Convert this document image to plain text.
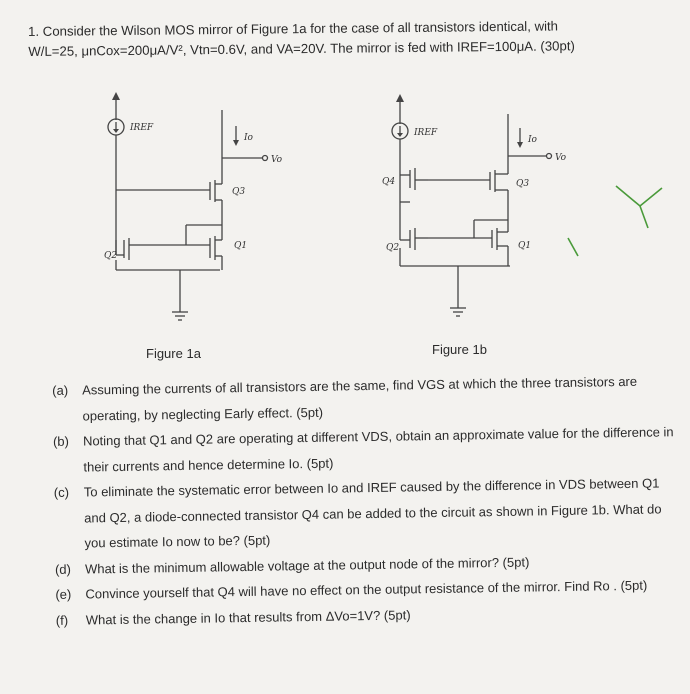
1. Consider the Wilson MOS mirror of Figure 1a for the case of all transistors identical, with
W/L=25, μnCox=200μA/V², Vtn=0.6V, and VA=20V. The mirror is fed with IREF=100μA. (30pt)
IREF
Q2
Q1
Q3
Vo
Io	IREF
Q4
Q2	Q1
Q3
Vo
Io
Figure 1a	Figure 1b
(a) Assuming the currents of all transistors are the same, find VGS at which the three transistors are operating, by neglecting Early effect. (5pt)
(b) Noting that Q1 and Q2 are operating at different VDS, obtain an approximate value for the difference in their currents and hence determine Io. (5pt)
(c) To eliminate the systematic error between Io and IREF caused by the difference in VDS between Q1 and Q2, a diode-connected transistor Q4 can be added to the circuit as shown in Figure 1b. What do you estimate Io now to be? (5pt)
(d) What is the minimum allowable voltage at the output node of the mirror? (5pt)
(e) Convince yourself that Q4 will have no effect on the output resistance of the mirror. Find Ro . (5pt)
(f) What is the change in Io that results from ΔVo=1V? (5pt)
